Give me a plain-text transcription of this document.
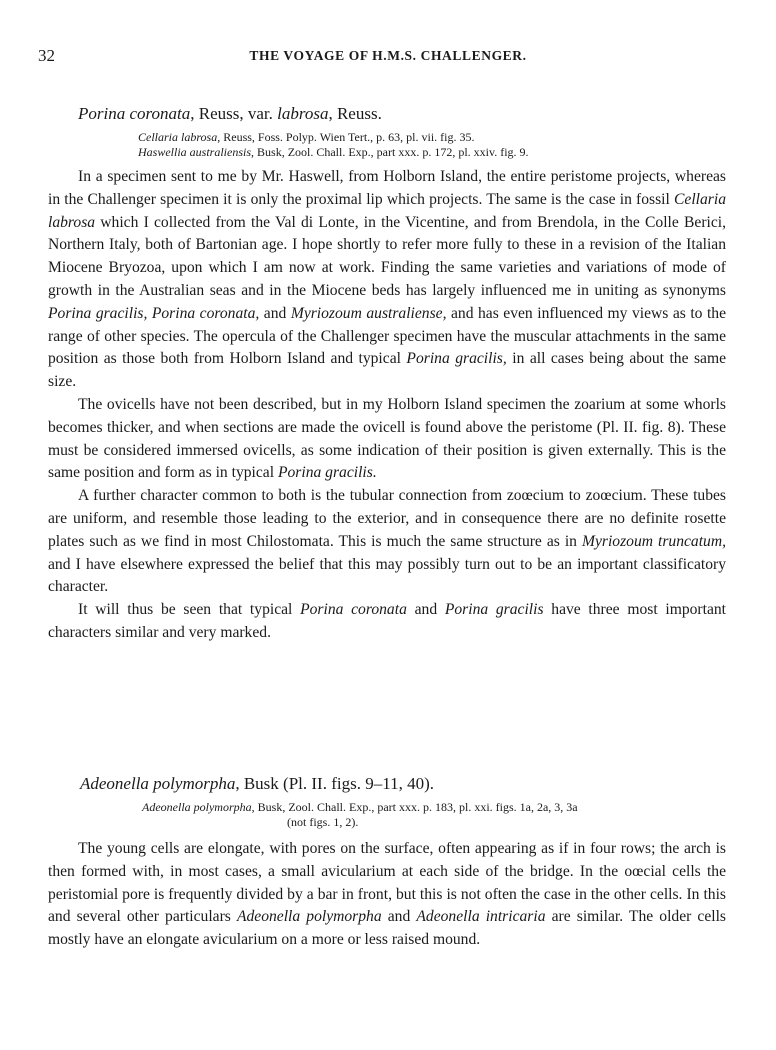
32	THE VOYAGE OF H.M.S. CHALLENGER.

Porina coronata, Reuss, var. labrosa, Reuss.

Cellaria labrosa, Reuss, Foss. Polyp. Wien Tert., p. 63, pl. vii. fig. 35.

Haswellia australiensis, Busk, Zool. Chall. Exp., part xxx. p. 172, pl. xxiv. fig. 9.

In a specimen sent to me by Mr. Haswell, from Holborn Island, the entire peristome projects, whereas in the Challenger specimen it is only the proximal lip which projects. The same is the case in fossil Cellaria labrosa which I collected from the Val di Lonte, in the Vicentine, and from Brendola, in the Colle Berici, Northern Italy, both of Bartonian age. I hope shortly to refer more fully to these in a revision of the Italian Miocene Bryozoa, upon which I am now at work. Finding the same varieties and variations of mode of growth in the Australian seas and in the Miocene beds has largely influenced me in uniting as synonyms Porina gracilis, Porina coronata, and Myriozoum australiense, and has even influenced my views as to the range of other species. The opercula of the Challenger specimen have the muscular attachments in the same position as those both from Holborn Island and typical Porina gracilis, in all cases being about the same size.

The ovicells have not been described, but in my Holborn Island specimen the zoarium at some whorls becomes thicker, and when sections are made the ovicell is found above the peristome (Pl. II. fig. 8). These must be considered immersed ovicells, as some indication of their position is given externally. This is the same position and form as in typical Porina gracilis.

A further character common to both is the tubular connection from zoœcium to zoœcium. These tubes are uniform, and resemble those leading to the exterior, and in consequence there are no definite rosette plates such as we find in most Chilostomata. This is much the same structure as in Myriozoum truncatum, and I have elsewhere expressed the belief that this may possibly turn out to be an important classificatory character.

It will thus be seen that typical Porina coronata and Porina gracilis have three most important characters similar and very marked.

Adeonella polymorpha, Busk (Pl. II. figs. 9–11, 40).

Adeonella polymorpha, Busk, Zool. Chall. Exp., part xxx. p. 183, pl. xxi. figs. 1a, 2a, 3, 3a
(not figs. 1, 2).

The young cells are elongate, with pores on the surface, often appearing as if in four rows; the arch is then formed with, in most cases, a small avicularium at each side of the bridge. In the oœcial cells the peristomial pore is frequently divided by a bar in front, but this is not often the case in the other cells. In this and several other particulars Adeonella polymorpha and Adeonella intricaria are similar. The older cells mostly have an elongate avicularium on a more or less raised mound.
